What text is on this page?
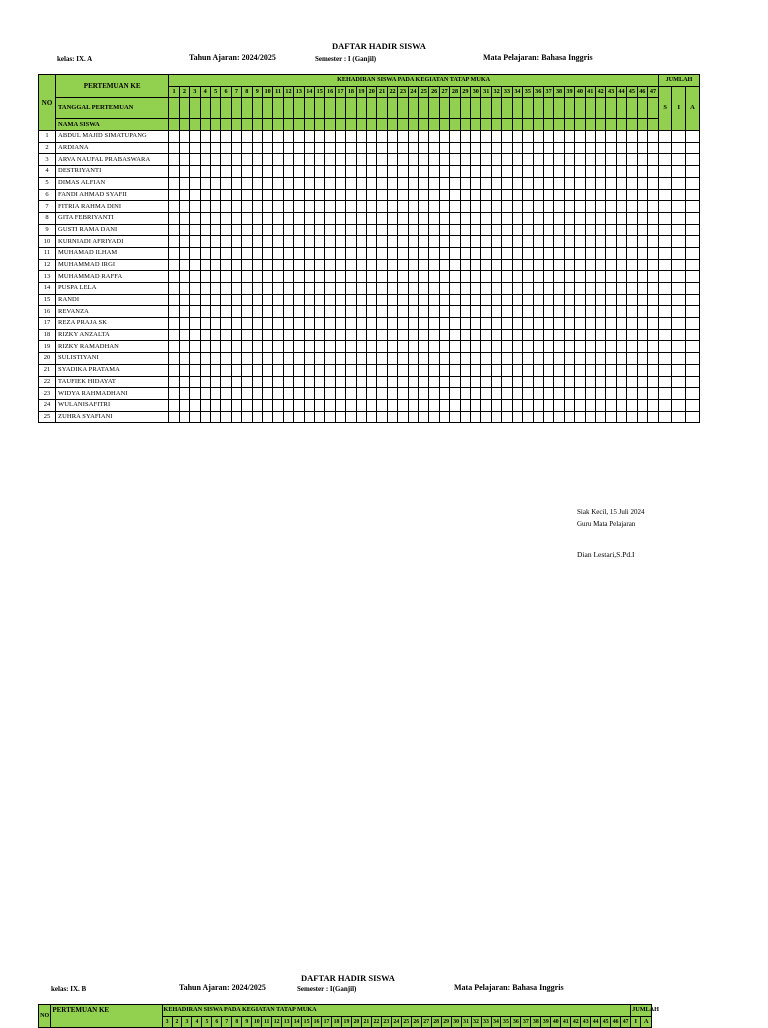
DAFTAR HADIR SISWA
kelas: IX. A	Tahun Ajaran: 2024/2025	Semester : I (Ganjil)	Mata Pelajaran: Bahasa Inggris
NO	PERTEMUAN KE	KEHADIRAN SISWA PADA KEGIATAN TATAP MUKA																																															JUMLAH		
		1	2	3	4	5	6	7	8	9	10	11	12	13	14	15	16	17	18	19	20	21	22	23	24	25	26	27	28	29	30	31	32	33	34	35	36	37	38	39	40	41	42	43	44	45	46	47	S	I	A
	TANGGAL PERTEMUAN																																																		
	NAMA SISWA																																																		
1	ABDUL MAJID SIMATUPANG																																																		
2	ARDIANA																																																		
3	ARVA NAUFAL PRABASWARA																																																		
4	DESTRIYANTI																																																		
5	DIMAS ALFIAN																																																		
6	FANDI AHMAD SYAFII																																																		
7	FITRIA RAHMA DINI																																																		
8	GITA FEBRIYANTI																																																		
9	GUSTI RAMA DANI																																																		
10	KURNIADI AFRIYADI																																																		
11	MUHAMAD ILHAM																																																		
12	MUHAMMAD IRGI																																																		
13	MUHAMMAD RAFFA																																																		
14	PUSPA LELA																																																		
15	RANDI																																																		
16	REVANZA																																																		
17	REZA PRAJA SK																																																		
18	RIZKY ANZALTA																																																		
19	RIZKY RAMADHAN																																																		
20	SULISTIYANI																																																		
21	SYADIKA PRATAMA																																																		
22	TAUFIEK HIDAYAT																																																		
23	WIDYA RAHMADHANI																																																		
24	WULANISAFITRI																																																		
25	ZUHRA SYAFIANI																																																		
Siak Kecil, 15 Juli 2024
Guru Mata Pelajaran
Dian Lestari,S.Pd.I
DAFTAR HADIR SISWA
kelas: IX. B	Tahun Ajaran: 2024/2025	Semester : I(Ganjil)	Mata Pelajaran: Bahasa Inggris
NO	PERTEMUAN KE	KEHADIRAN SISWA PADA KEGIATAN TATAP MUKA																																															JUMLAH	
		3	2	3	4	5	6	7	8	9	10	11	12	13	14	15	16	17	18	19	20	21	22	23	24	25	26	27	28	29	30	31	32	33	34	35	36	37	38	39	40	41	42	43	44	45	46	47	I	A
